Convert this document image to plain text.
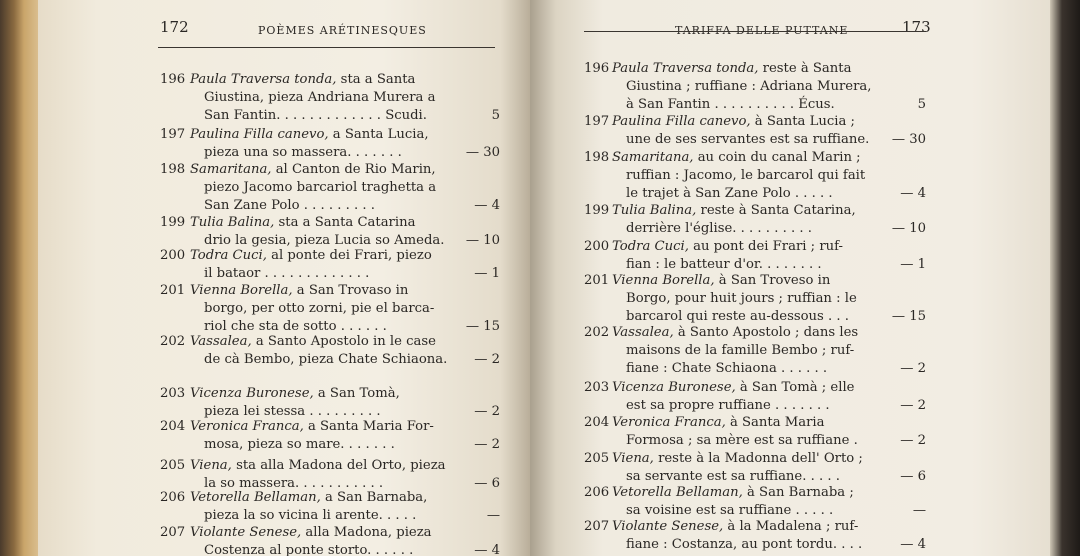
172	POÈMES ARÉTINESQUES
196 Paula Traversa tonda, sta a Santa
Giustina, pieza Andriana Murera a
San Fantin. . . . . . . . . . . . . Scudi.	5
197 Paulina Filla canevo, a Santa Lucia,
pieza una so massera. . . . . . .	— 30
198 Samaritana, al Canton de Rio Marin,
piezo Jacomo barcariol traghetta a
San Zane Polo . . . . . . . . .	— 4
199 Tulia Balina, sta a Santa Catarina
drio la gesia, pieza Lucia so Ameda. — 10
200 Todra Cuci, al ponte dei Frari, piezo
il bataor . . . . . . . . . . . . .	— 1
201 Vienna Borella, a San Trovaso in
borgo, per otto zorni, pie el barca-
riol che sta de sotto . . . . . .	— 15
202 Vassalea, a Santo Apostolo in le case
de cà Bembo, pieza Chate Schiaona. — 2
203 Vicenza Buronese, a San Tomà,
pieza lei stessa . . . . . . . . .	— 2
204 Veronica Franca, a Santa Maria For-
mosa, pieza so mare. . . . . . .	— 2
205 Viena, sta alla Madona del Orto, pieza
la so massera. . . . . . . . . . .	— 6
206 Vetorella Bellaman, a San Barnaba,
pieza la so vicina li arente. . . . .	—
207 Violante Senese, alla Madona, pieza
Costenza al ponte storto. . . . . .	— 4
TARIFFA DELLE PUTTANE	173
196 Paula Traversa tonda, reste à Santa
Giustina ; ruffiane : Adriana Murera,
à San Fantin . . . . . . . . . . Écus.	5
197 Paulina Filla canevo, à Santa Lucia ;
une de ses servantes est sa ruffiane. — 30
198 Samaritana, au coin du canal Marin ;
ruffian : Jacomo, le barcarol qui fait
le trajet à San Zane Polo . . . . .	— 4
199 Tulia Balina, reste à Santa Catarina,
derrière l'église. . . . . . . . . .	— 10
200 Todra Cuci, au pont dei Frari ; ruf-
fian : le batteur d'or. . . . . . . .	— 1
201 Vienna Borella, à San Troveso in
Borgo, pour huit jours ; ruffian : le
barcarol qui reste au-dessous . . .	— 15
202 Vassalea, à Santo Apostolo ; dans les
maisons de la famille Bembo ; ruf-
fiane : Chate Schiaona . . . . . .	— 2
203 Vicenza Buronese, à San Tomà ; elle
est sa propre ruffiane . . . . . . .	— 2
204 Veronica Franca, à Santa Maria
Formosa ; sa mère est sa ruffiane .	— 2
205 Viena, reste à la Madonna dell' Orto ;
sa servante est sa ruffiane. . . . .	— 6
206 Vetorella Bellaman, à San Barnaba ;
sa voisine est sa ruffiane . . . . .	—
207 Violante Senese, à la Madalena ; ruf-
fiane : Costanza, au pont tordu. . . .	— 4
